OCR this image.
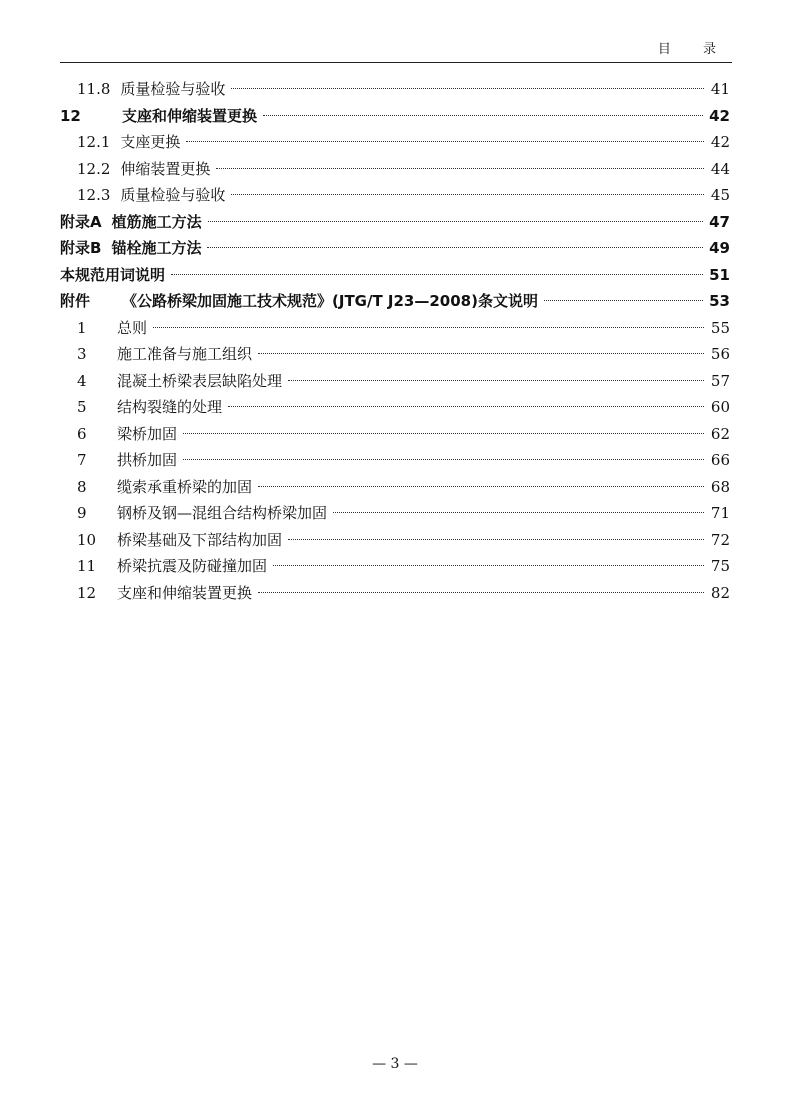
目 录
11.8 质量检验与验收	41
12	支座和伸缩装置更换	42
12.1 支座更换	42
12.2 伸缩装置更换	44
12.3 质量检验与验收	45
附录A 植筋施工方法	47
附录B 锚栓施工方法	49
本规范用词说明	51
附件	《公路桥梁加固施工技术规范》(JTG/T J23—2008)条文说明	53
1	总则	55
3	施工准备与施工组织	56
4	混凝土桥梁表层缺陷处理	57
5	结构裂缝的处理	60
6	梁桥加固	62
7	拱桥加固	66
8	缆索承重桥梁的加固	68
9	钢桥及钢—混组合结构桥梁加固	71
10	桥梁基础及下部结构加固	72
11	桥梁抗震及防碰撞加固	75
12	支座和伸缩装置更换	82
— 3 —
